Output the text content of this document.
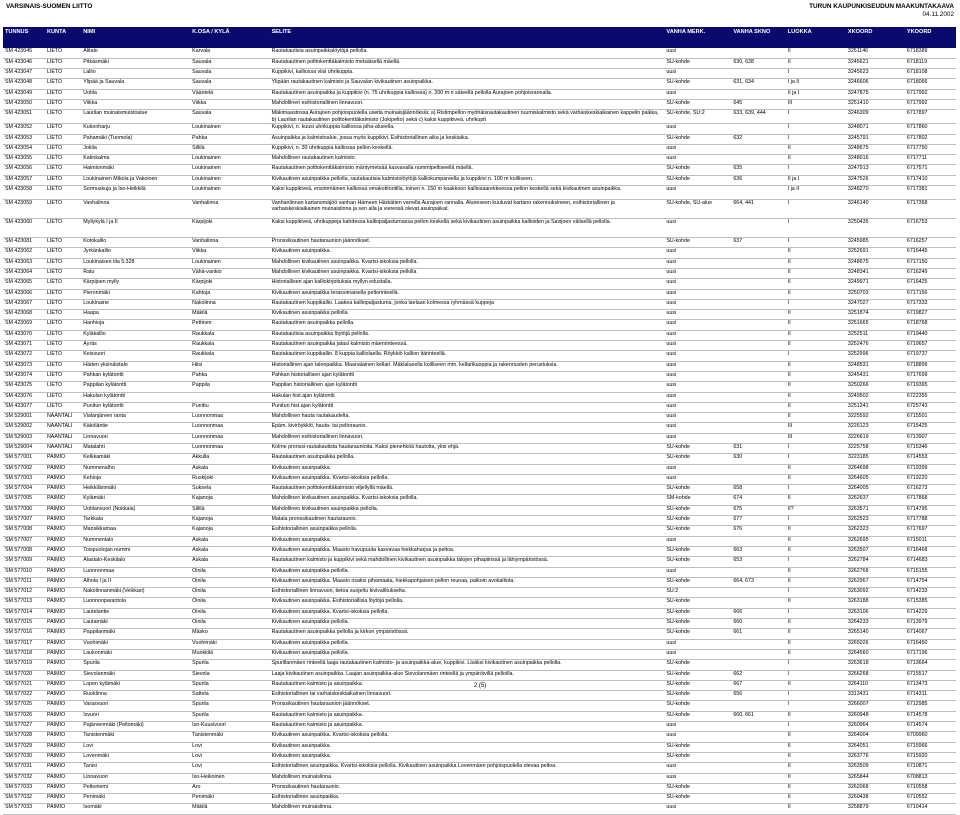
VARSINAIS-SUOMEN LIITTO	TURUN KAUPUNKISEUDUN MAAKUNTAKAAVA
04.11.2002
TUNNUS	KUNTA	NIMI	K.OSA / KYLÄ	SELITE	VANHA MERK.	VANHA SKNO	LUOKKA	XKOORD	YKOORD
SM 423045	LIETO	Alitalo	Karvala	Rautakautisia asuinpaikkalöytöjä pellolla.	uusi		II	3251146	6718389
SM 423046	LIETO	Pitkäsmäki	Sauvala	Rautakautinen polttokenttäkalmisto metsäisellä mäellä.	SU-kohde	630, 638	II	3245621	6718119
SM 423047	LIETO	Lallio	Sauvala	Kuppikivi, kalliossa viisi uhrikuppia.	uusi		I	3245623	6718108
SM 423048	LIETO	Ylipää ja Sauvala	Sauvala	Ylipään rautakautinen kalmisto ja Sauvalan kivikautinen asuinpaikka.	SU-kohde	631, 634	I ja II	3246606	6718066
SM 423049	LIETO	Uotila	Vääntelä	Rautakautinen asuinpaikka ja kuppikivi (n. 75 uhrikuppia kalliossa) n. 200 m:n säteellä pellolla Aurajoen pohjoisrannalla.	uusi		II ja I	3247875	6717992
SM 423050	LIETO	Viikka	Viikka	Mahdollinen esihistoriallinen linnavuori.	SU-kohde	645	III	3251410	6717992
SM 423051	LIETO	Laurilan muinaismuistoalue	Sauvala	Mäkimaastossa Aurajoen pohjoispuolella useita muinaisjäännöksiä: a) Ristimpellon myöhäisrautakautinen ruumiskalmisto sekä varhaiskeskiaikainen kappelin paikka, b) Laurilan rautakautinen polttokenttäkalmisto (Jokipelto) sekä c) kaksi kuppikiveä, uhrikupit	SU-kohde, SU:2	633, 639, 444	I	3246309	6717897
SM 423052	LIETO	Kukonharju	Loukinainen	Kuppikivi, n. kuusi uhrikuppia kalliossa piha-alueella.	uusi		I	3248071	6717860
SM 423053	LIETO	Pahamäki (Tuomola)	Pahka	Asuinpaikka ja kalmistoalue, jossa myös kuppikivi. Esihistoriallinen aika ja keskiaika.	SU-kohde	632	I	3245791	6717802
SM 423054	LIETO	Jokila	Sillilä	Kuppikivi, n. 30 uhrikuppia kalliossa pellon keskellä.	uusi		II	3248675	6717750
SM 423055	LIETO	Katinkalma	Loukinainen	Mahdollinen rautakautinen kalmisto.	uusi		II	3248016	6717711
SM 423056	LIETO	Haimionmäki	Loukinainen	Rautakautinen polttokenttäkalmisto mäntymetsää kasvavalla nummipeltiseellä mäellä.	SU-kohde	635	I	3247913	6717571
SM 423057	LIETO	Loukinainen Mikola ja Vakoinen	Loukinainen	Kivikautinen asuinpaikka pellolla, rautakautisia kalmistolöytöjä kalliokumpareella ja kuppikivi n. 100 m koilliseen.	SU-kohde	636	II ja I	3247526	6717410
SM 423058	LIETO	Sormuskuja ja Iso-Heikkilä	Loukinainen	Kaksi kuppikiveä, ensimmäinen kalliossa omakotitontilla, toinen n. 150 m kaakkoon kalliosaarekkeessa pellon keskellä sekä kivikautinen asuinpaikka.	uusi		I ja II	3248270	6717381
SM 423059	LIETO	Vanhalinna	Vanhalinna	Vanhanlinnan kartanomäjöö vanhan Hämeen Härkätien varrella Aurajoen rannalla. Alueeseen kuuluvat kartano rakennuksineen, esihistoriallinen ja varhaiskeskiaikainen muinaislinna ja sen alla ja vieressä olevat asuinpaikat.	SU-kohde, SU-alue	664, 441	I	3246140	6717368
SM 423060	LIETO	Myllykylä I ja II	Kärpijoki	Kaksi kuppikiveä, uhrikuppeja kahdessa kalliopaljastumassa pellon keskellä sekä kivikautinen asuinpaikka kallioiden ja Savijoen välisellä pellolla.	uusi		I	3250435	6716753
SM 423081	LIETO	Kotokallio	Vanhalinna	Pronssikautinen hautaraunion jäännökset.	SU-kohde	637	I	3245985	6716257
SM 423062	LIETO	Jyrkänkallio	Viikka	Kivikautinen asuinpaikka.	uusi		II	3252691	6716445
SM 423063	LIETO	Loukinaisen tila 5:328	Loukinainen	Mahdollinen kivikautinen asuinpaikka. Kvartsi-iskoksia pellolla.	uusi		II	3248675	6717150
SM 423064	LIETO	Ratu	Vähä-vankio	Mahdollinen kivikautinen asuinpaikka. Kvartsi-iskoksia pellolla	uusi		II	3248341	6716249
SM 423065	LIETO	Kärpijoen mylly	Kärpijoki	Historiallisen ajan kalliokirjoituksia myllyn edustalla.	uusi		II	3249971	6716425
SM 423066	LIETO	Pieronmäki	Kahtoja	Kivikautinen asuinpaikka terassimaisella peltorinteellä.	uusi		II	3250703	6717156
SM 423067	LIETO	Loukinaine	Nakolinna	Rautakautinen kuppikallio. Laakea kalliopaljastuma, jonka laelaan kolmessa ryhmässä kuppeja	uusi		I	3247027	6717333
SM 423068	LIETO	Haapa	Mäkilä	Kivikautinen asuinpaikka pellolla.	uusi		II	3251874	6719827
SM 423069	LIETO	Hanhioja	Pettinen	Rautakautinen asuinpaikka pellolla.	uusi		II	3251665	6718768
SM 423070	LIETO	Kyläkallio	Raukkala	Rautakautisia asuinpaikka löytöjä pellolla.	uusi		II	3252511	6719440
SM 423071	LIETO	Äyräs	Raukkala	Rautakautinen asuinpaikka jatasi kalmisto mäenrinteessä.	uusi		II	3252476	6719657
SM 423072	LIETO	Keisvuori	Raukkala	Rautakautinen kuppikallio. 8 kuppia kalliolaella. Röykkiö kallion itärinteellä.	uusi		I	3252996	6719737
SM 423073	LIETO	Häden yksinäistalo	Hiisi	Historiallinen ajan talonpaikka. Maanalainen kellari. Mäkialueella koilliseen mm. kellarikuoppia ja rakennusten perustuksia.	uusi		II	3248531	6718899
SM 423074	LIETO	Pahkan kylätontti	Pahka	Pahkan historiallisen ajan kylätontti	uusi		II	3245431	6717699
SM 423075	LIETO	Pappilan kylätontti	Pappila	Pappilan historiallinen ajan kylätontti	uusi		II	3250266	6719365
SM 423076	LIETO	Hakulan kylätontti		Hakulan hist.ajan kylätontti	uusi		II	3249502	6722355
SM 423077	LIETO	Punitun kylätontti	Punittu	Punitun hist.ajan kylätontti	uusi		II	3251241	6725743
SM 529001	NAANTALI	Vialanjärven ranta	Luonnonmaa	Mahdollinen hauta rautakaudelta.	uusi		II	3225592	6715501
SM 529002	NAANTALI	Käköläntie	Luonnonmaa	Epäm. kiviröykkiö, hauta- tai peltoraunio.	uusi		III	3226123	6715425
SM 529003	NAANTALI	Linnavuori	Luonnonmaa	Mahdollinen esihistoriallinen linnavuori.	uusi		III	3226619	6713907
SM 529004	NAANTALI	Matalahti	Luonnonmaa	Kolme pronssi-rautakautista hautaraunioita. Kaksi pienehköä hautoita, yksi ehjä.	SU-kohde	631	I	3225758	6715346
SM 577001	PAIMIO	Kelkkamäki	Akkulla	Rautakautinen asuinpaikka pellolla.	SU-kohde	630	I	3223185	6714553
SM 577002	PAIMIO	Nummenalho	Askala	Kivikautinen asuinpaikka.	uusi		II	3264698	6719399
SM 577003	PAIMIO	Kehioja	Ruskijoki	Kivikautinen asuinpaikka. Kvartsi-iskoksia pellolla.	uusi		II	3264605	6719220
SM 577004	PAIMIO	Heikkilänmäki	Suksela	Rautakautinen polttokenttäkalmisto viljellyllä mäellä.	SU-kohde	658	I	3264005	6716273
SM 577005	PAIMIO	Kylämäki	Kajanoja	Mahdollinen kivikautinen asuinpaikka. Kvartsi-iskoksia pellolla.	SM-kohde	674	II	3262637	6717868
SM 577006	PAIMIO	Uotilanvuori (Nokkala)	Sillilä	Mahdollinen kivikautinen asuinpaikka pellolla.	SU-kohde	675	II?	3263571	6714795
SM 577007	PAIMIO	Tarkkala	Kajanoja	Matala pronssikautinen hautaraunio.	SU-kohde	677	I	3262523	6717788
SM 577008	PAIMIO	Mansikkamaa	Kajanoja	Esihistoriallinen asuinpaikka pellolla.	SU-kohde	676	II	3262323	6717697
SM 577007	PAIMIO	Nummentalo	Askala	Kivikautinen asuinpaikka.	uusi		II	3262695	6715011
SM 577008	PAIMIO	Toispuolojan nummi	Askala	Kivikautinen asuinpaikka. Maasto havupuuta kasvavaa hiekkaharjua ja peltoa.	SU-kohde	663	II	3263507	6716468
SM 577009	PAIMIO	Alastalo-Keskitalo	Askala	Rautakautinen kalmisto ja kuppikivi sekä mahdollinen kivikautinen asuinpaikka talojen pihapiirissä ja lähiympäristössä.	SU-kohde	653	I	3262784	6714683
SM 577010	PAIMIO	Luonnonmaa	Oinila	Kivikautinen asuinpaikka pellolla.	uusi		II	3262768	6715155
SM 577011	PAIMIO	Alhola I ja II	Oinila	Kivikautinen asuinpaikka. Maasto osaksi pihamaata, hiekkapohjaisen pellon reunaa, paikoin avokalliota.	SU-kohde	664, 673	II	3262967	6714754
SM 577012	PAIMIO	Nakolinnanmäki (Veikkari)	Oinila	Esihistoriallinen linnavuori, tietoa suojeltu kivivallitukselta.	SU:2		I	3263092	6714233
SM 577013	PAIMIO	Luonnonparantola	Oinila	Kivikautinen asuinpaikka. Esihistoriallisia löytöjä pellolla.	SU-kohde		II	3263188	6715385
SM 577014	PAIMIO	Lautelantie	Oinila	Kivikautinen asuinpaikka. Kvartsi-iskoksia pellolla.	SU-kohde	666	I	3263106	6714229
SM 577015	PAIMIO	Lautamäki	Oinila	Kivikautinen asuinpaikka pellolla.	SU-kohde	660	II	3264233	6713979
SM 577016	PAIMIO	Pappilanmäki	Mäsko	Rautakautinen asuinpaikka pellolla ja kirkon ympäristössä.	SU-kohde	661	II	3265140	6714067
SM 577017	PAIMIO	Vuohimäki	Vuohimäki	Kivikautinen asuinpaikka pellolla.	uusi		II	3265026	6716450
SM 577018	PAIMIO	Laukonmäki	Munkkilä	Kivikautinen asuinpaikka pellolla.	uusi		II	3264560	6717196
SM 577019	PAIMIO	Spurila	Spurila	Spurillanmäen rinteellä laaja rautakautinen kalmisto- ja asuinpaikka-alue, kuppikivi. Lisäksi kivikautinen asuinpaikka pellolla.	SU-kohde		I	3263618	6713664
SM 577020	PAIMIO	Sievolanmäki	Sievola	Laaja kivikautinen asuinpaikka. Laajan asuinpaikka-alue Sievolanmäen rinteellä ja ympäröivillä pelloilla.	SU-kohde	662	I	3266268	6715517
SM 577021	PAIMIO	Lopen kylämäki	Spurila	Rautakautinen kalmisto ja asuinpaikka.	SU-kohde	667	II	3264110	6713473
SM 577022	PAIMIO	Ruoklinna	Sattela	Esihistoriallinen tai varhaiskeskiaikainen linnavuori.	SU-kohde	656	I	3313431	6714311
SM 577025	PAIMIO	Varasvuori	Spurila	Pronssikautinen hautaraunion jäännökset.	SU-kohde		I	3266007	6712985
SM 577026	PAIMIO	Isvuori	Spurila	Rautakautinen kalmisto ja asuinpaikka.	SU-kohde	660, 661	II	3260948	6714578
SM 577027	PAIMIO	Pajärvenmäki (Peltomäki)	Iso-Kuusivuori	Rautakautinen kalmisto ja asuinpaikka.	uusi		I	3260964	6714574
SM 577028	PAIMIO	Tanistenmäki	Tanistenmäki	Kivikautinen asuinpaikka. Kvartsi-iskoksia pellolla.	uusi		II	3264004	6709960
SM 577029	PAIMIO	Lovi	Lovi	Kivikautinen asuinpaikka.	SU-kohde		II	3264051	6715966
SM 577030	PAIMIO	Lovenmäki	Lovi	Kivikautinen asuinpaikka.	SU-kohde		II	3263776	6715920
SM 577031	PAIMIO	Tanisi	Lovi	Esihistoriallinen asuinpaikka. Kvartsi-iskoksia pellolla. Kivikautinen asuinpaikka Lovenmäen pohjoispuolella olevaa peltoa.	uusi		II	3263509	6710871
SM 577032	PAIMIO	Linnavuori	Iso-Heikoinen	Mahdollinen muinaislinna.	uusi		II	3265844	6708813
SM 577033	PAIMIO	Peltoniemi	Aro	Pronssikautinen hautaraunio.	SU-kohde		II	3262068	6710558
SM 577032	PAIMIO	Penimäki	Penimäki	Esihistoriallinen asuinpaikka.	SU-kohde		II	3260438	6710552
SM 577033	PAIMIO	Isomäki	Mäkilä	Mahdollinen muinaislinna.	uusi		II	3258879	6710414
2 (5)
